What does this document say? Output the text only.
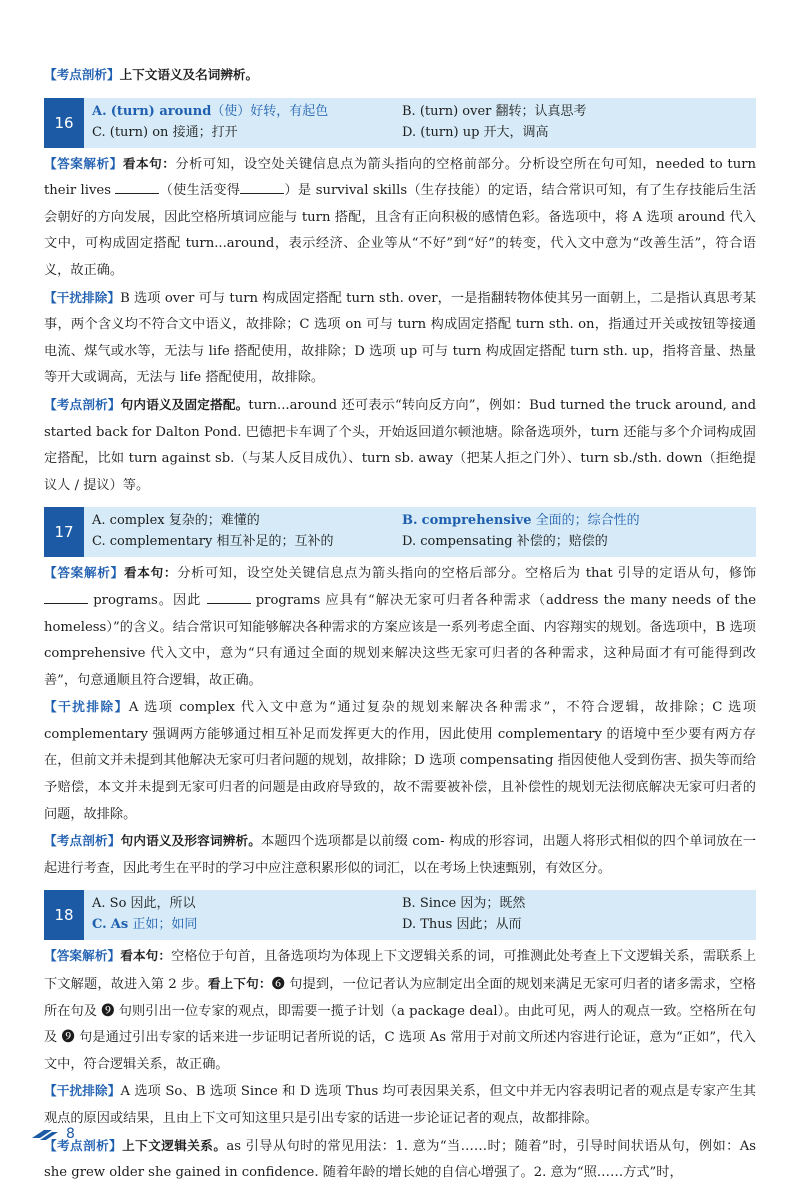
【考点剖析】上下文语义及名词辨析。

16
A. (turn) around（使）好转，有起色	B. (turn) over 翻转；认真思考
C. (turn) on 接通；打开	D. (turn) up 开大，调高

【答案解析】看本句：分析可知，设空处关键信息点为箭头指向的空格前部分。分析设空所在句可知，needed to turn their lives	（使生活变得	）是 survival skills（生存技能）的定语，结合常识可知，有了生存技能后生活会朝好的方向发展，因此空格所填词应能与 turn 搭配，且含有正向积极的感情色彩。备选项中，将 A 选项 around 代入文中，可构成固定搭配 turn...around，表示经济、企业等从“不好”到“好”的转变，代入文中意为“改善生活”，符合语义，故正确。

【干扰排除】B 选项 over 可与 turn 构成固定搭配 turn sth. over，一是指翻转物体使其另一面朝上，二是指认真思考某事，两个含义均不符合文中语义，故排除；C 选项 on 可与 turn 构成固定搭配 turn sth. on，指通过开关或按钮等接通电流、煤气或水等，无法与 life 搭配使用，故排除；D 选项 up 可与 turn 构成固定搭配 turn sth. up，指将音量、热量等开大或调高，无法与 life 搭配使用，故排除。

【考点剖析】句内语义及固定搭配。turn...around 还可表示“转向反方向”，例如：Bud turned the truck around, and started back for Dalton Pond. 巴德把卡车调了个头，开始返回道尔顿池塘。除备选项外，turn 还能与多个介词构成固定搭配，比如 turn against sb.（与某人反目成仇）、turn sb. away（把某人拒之门外）、turn sb./sth. down（拒绝提议人 / 提议）等。

17
A. complex 复杂的；难懂的	B. comprehensive 全面的；综合性的
C. complementary 相互补足的；互补的	D. compensating 补偿的；赔偿的

【答案解析】看本句：分析可知，设空处关键信息点为箭头指向的空格后部分。空格后为 that 引导的定语从句，修饰  programs。因此	programs 应具有“解决无家可归者各种需求（address the many needs of the homeless）”的含义。结合常识可知能够解决各种需求的方案应该是一系列考虑全面、内容翔实的规划。备选项中，B 选项 comprehensive 代入文中，意为“只有通过全面的规划来解决这些无家可归者的各种需求，这种局面才有可能得到改善”，句意通顺且符合逻辑，故正确。

【干扰排除】A 选项 complex 代入文中意为“通过复杂的规划来解决各种需求”，不符合逻辑，故排除；C 选项 complementary 强调两方能够通过相互补足而发挥更大的作用，因此使用 complementary 的语境中至少要有两方存在，但前文并未提到其他解决无家可归者问题的规划，故排除；D 选项 compensating 指因使他人受到伤害、损失等而给予赔偿，本文并未提到无家可归者的问题是由政府导致的，故不需要被补偿，且补偿性的规划无法彻底解决无家可归者的问题，故排除。

【考点剖析】句内语义及形容词辨析。本题四个选项都是以前缀 com- 构成的形容词，出题人将形式相似的四个单词放在一起进行考查，因此考生在平时的学习中应注意积累形似的词汇，以在考场上快速甄别，有效区分。

18
A. So 因此，所以	B. Since 因为；既然
C. As 正如；如同	D. Thus 因此；从而

【答案解析】看本句：空格位于句首，且备选项均为体现上下文逻辑关系的词，可推测此处考查上下文逻辑关系，需联系上下文解题，故进入第 2 步。看上下句：❻ 句提到，一位记者认为应制定出全面的规划来满足无家可归者的诸多需求，空格所在句及 ❾ 句则引出一位专家的观点，即需要一揽子计划（a package deal）。由此可见，两人的观点一致。空格所在句及 ❾ 句是通过引出专家的话来进一步证明记者所说的话，C 选项 As 常用于对前文所述内容进行论证，意为“正如”，代入文中，符合逻辑关系，故正确。

【干扰排除】A 选项 So、B 选项 Since 和 D 选项 Thus 均可表因果关系，但文中并无内容表明记者的观点是专家产生其观点的原因或结果，且由上下文可知这里只是引出专家的话进一步论证记者的观点，故都排除。

【考点剖析】上下文逻辑关系。as 引导从句时的常见用法：1. 意为“当……时；随着”时，引导时间状语从句，例如：As she grew older she gained in confidence. 随着年龄的增长她的自信心增强了。2. 意为“照……方式”时，

8
